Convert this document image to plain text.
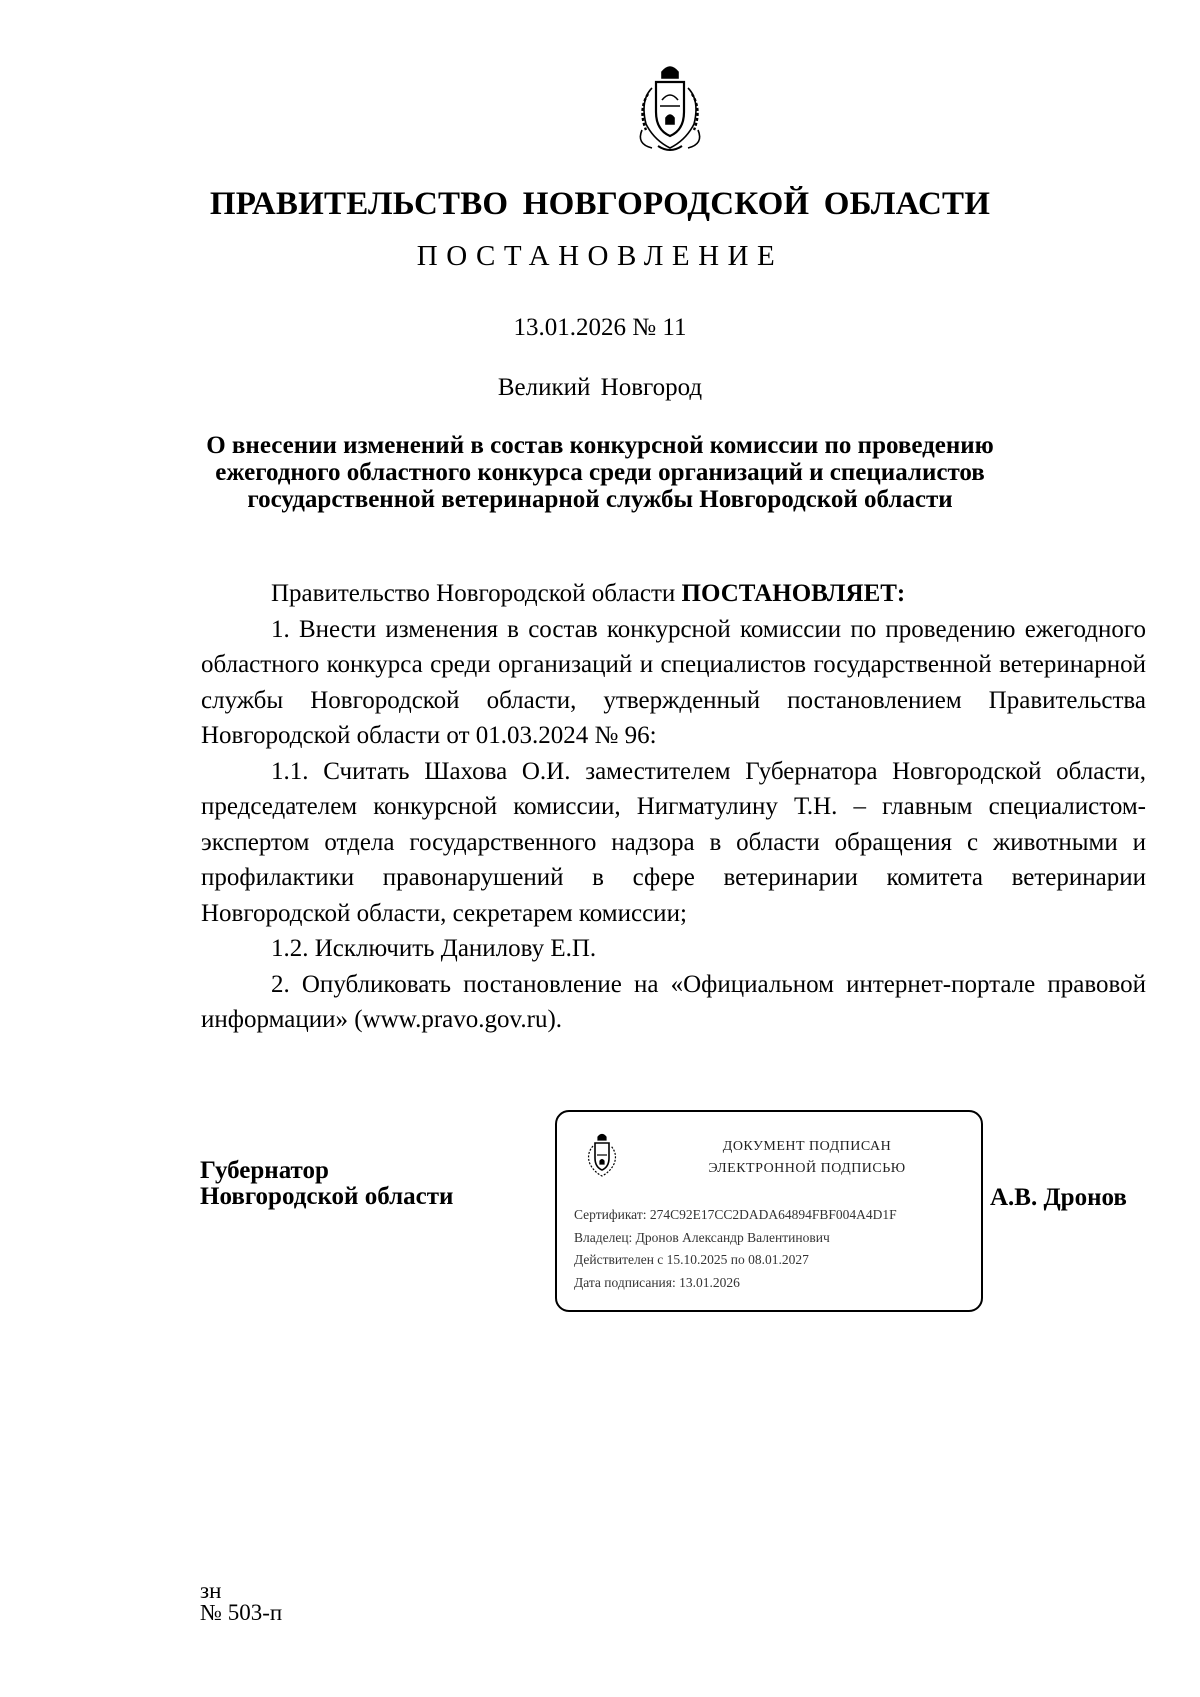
ПРАВИТЕЛЬСТВО НОВГОРОДСКОЙ ОБЛАСТИ
ПОСТАНОВЛЕНИЕ
13.01.2026 № 11
Великий Новгород
О внесении изменений в состав конкурсной комиссии по проведению
ежегодного областного конкурса среди организаций и специалистов
государственной ветеринарной службы Новгородской области

Правительство Новгородской области ПОСТАНОВЛЯЕТ:

1. Внести изменения в состав конкурсной комиссии по проведению ежегодного областного конкурса среди организаций и специалистов государственной ветеринарной службы Новгородской области, утвержденный постановлением Правительства Новгородской области от 01.03.2024 № 96:

1.1. Считать Шахова О.И. заместителем Губернатора Новгородской области, председателем конкурсной комиссии, Нигматулину Т.Н. – главным специалистом-экспертом отдела государственного надзора в области обращения с животными и профилактики правонарушений в сфере ветеринарии комитета ветеринарии Новгородской области, секретарем комиссии;

1.2. Исключить Данилову Е.П.

2. Опубликовать постановление на «Официальном интернет-портале правовой информации» (www.pravo.gov.ru).

Губернатор
Новгородской области
ДОКУМЕНТ ПОДПИСАН
ЭЛЕКТРОННОЙ ПОДПИСЬЮ
Сертификат: 274C92E17CC2DADA64894FBF004A4D1F
Владелец: Дронов Александр Валентинович
Действителен с 15.10.2025 по 08.01.2027
Дата подписания: 13.01.2026
А.В. Дронов
зн
№ 503-п
